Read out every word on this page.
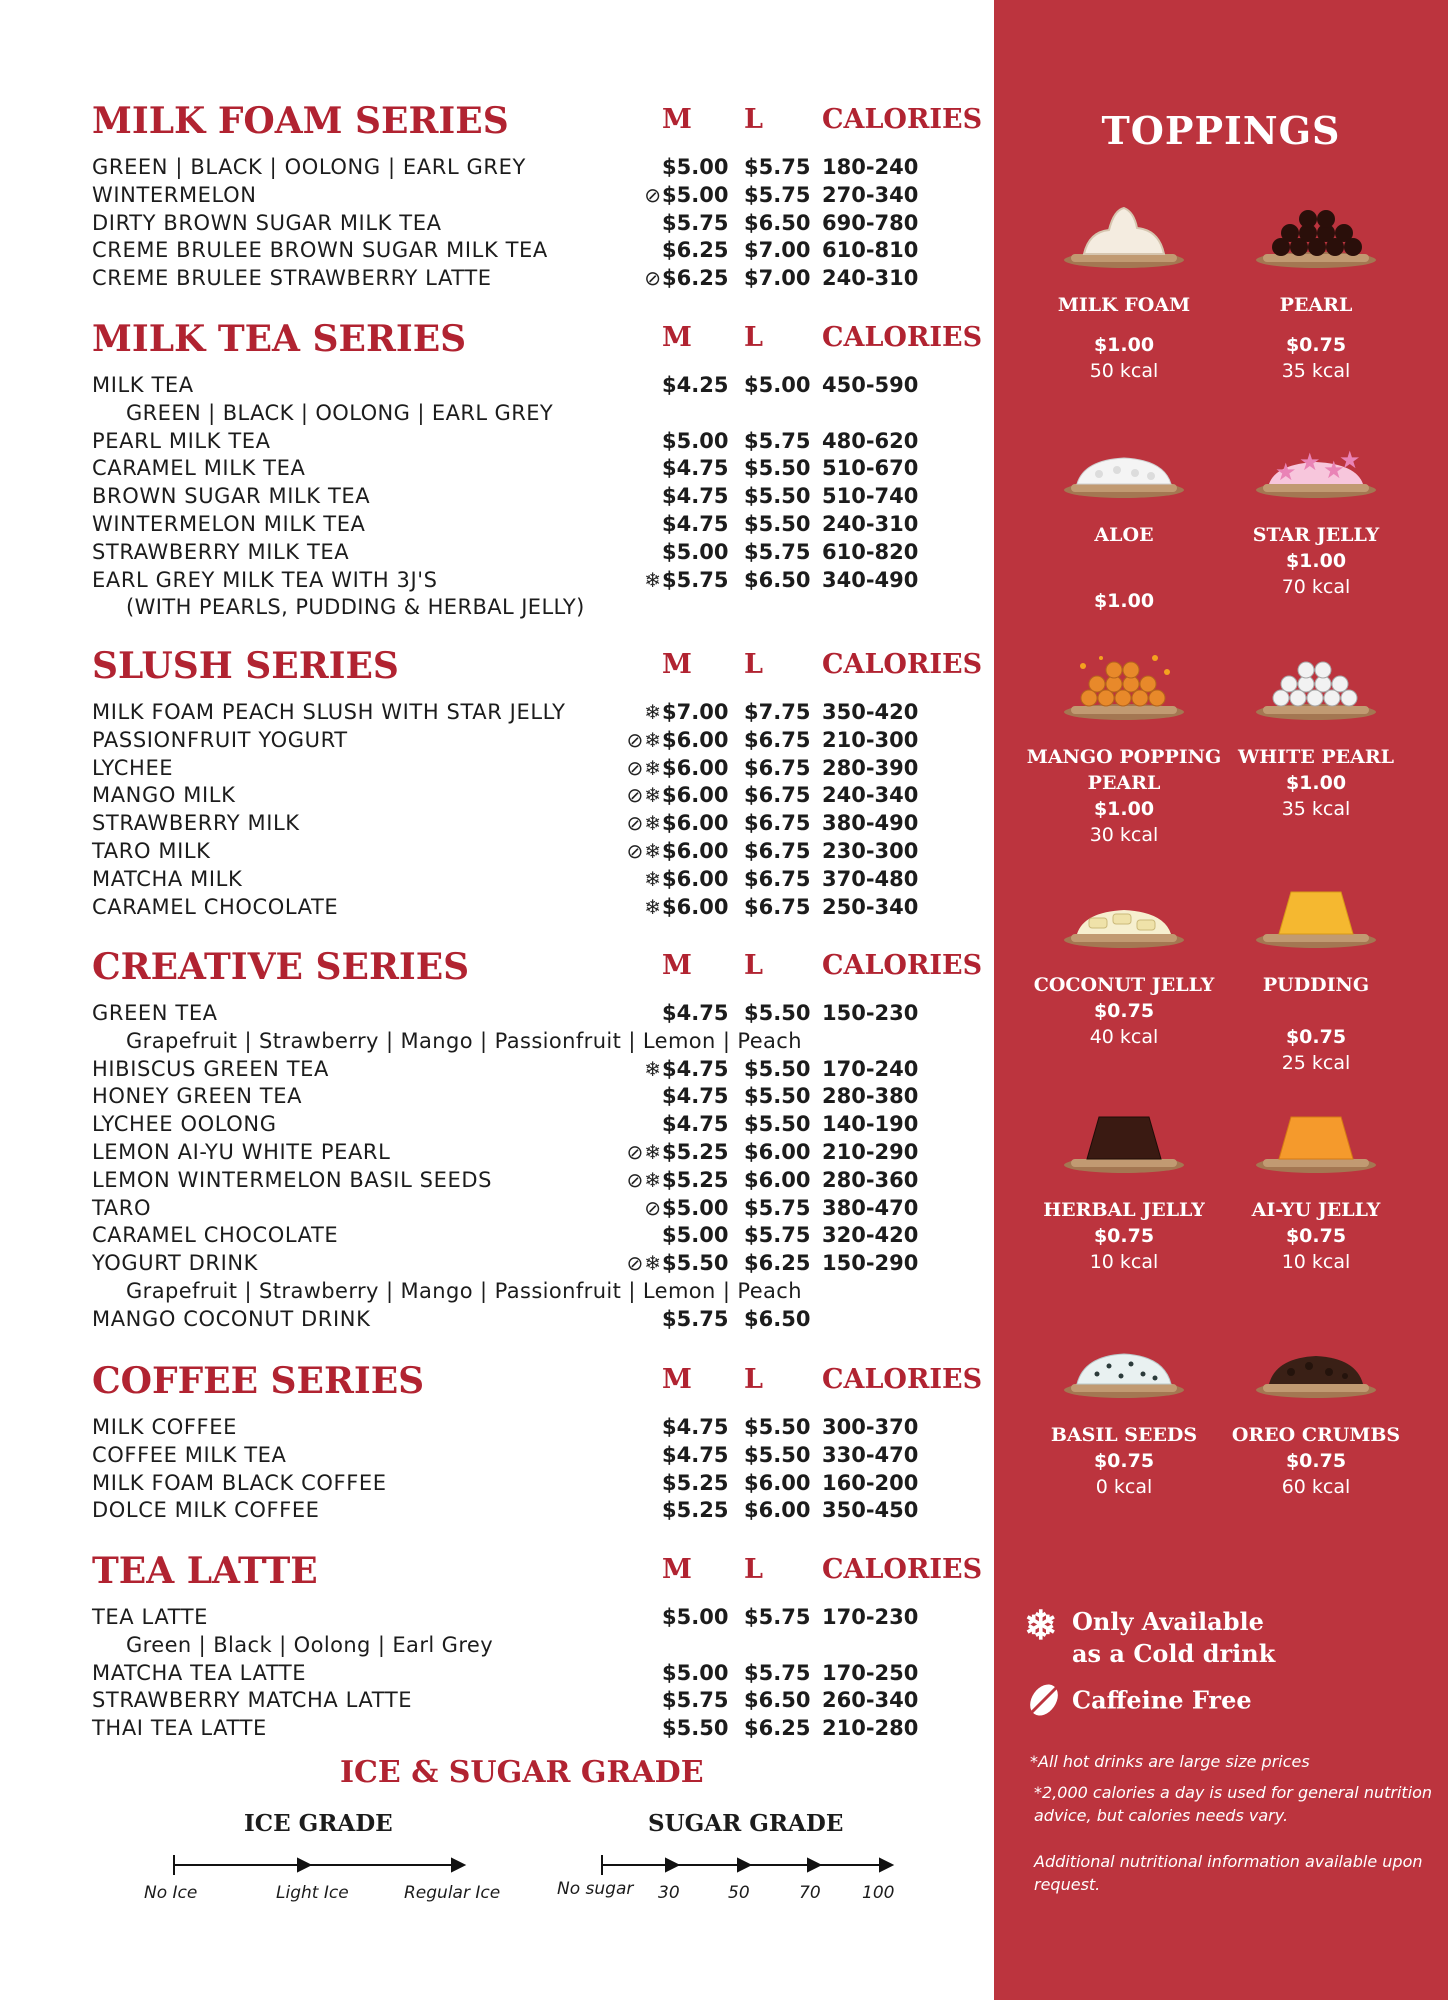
MILK FOAM SERIES	M L CALORIES
GREEN | BLACK | OOLONG | EARL GREY	$5.00 $5.75 180-240
WINTERMELON	⊘ $5.00 $5.75 270-340
DIRTY BROWN SUGAR MILK TEA	$5.75 $6.50 690-780
CREME BRULEE BROWN SUGAR MILK TEA	$6.25 $7.00 610-810
CREME BRULEE STRAWBERRY LATTE	⊘ $6.25 $7.00 240-310
MILK TEA SERIES	M L CALORIES
MILK TEA	$4.25 $5.00 450-590
GREEN | BLACK | OOLONG | EARL GREY
PEARL MILK TEA	$5.00 $5.75 480-620
CARAMEL MILK TEA	$4.75 $5.50 510-670
BROWN SUGAR MILK TEA	$4.75 $5.50 510-740
WINTERMELON MILK TEA	$4.75 $5.50 240-310
STRAWBERRY MILK TEA	$5.00 $5.75 610-820
EARL GREY MILK TEA WITH 3J'S	❄ $5.75 $6.50 340-490
(WITH PEARLS, PUDDING & HERBAL JELLY)
SLUSH SERIES	M L CALORIES
MILK FOAM PEACH SLUSH WITH STAR JELLY	❄ $7.00 $7.75 350-420
PASSIONFRUIT YOGURT	⊘❄ $6.00 $6.75 210-300
LYCHEE	⊘❄ $6.00 $6.75 280-390
MANGO MILK	⊘❄ $6.00 $6.75 240-340
STRAWBERRY MILK	⊘❄ $6.00 $6.75 380-490
TARO MILK	⊘❄ $6.00 $6.75 230-300
MATCHA MILK	❄ $6.00 $6.75 370-480
CARAMEL CHOCOLATE	❄ $6.00 $6.75 250-340
CREATIVE SERIES	M L CALORIES
GREEN TEA	$4.75 $5.50 150-230
Grapefruit | Strawberry | Mango | Passionfruit | Lemon | Peach
HIBISCUS GREEN TEA	❄ $4.75 $5.50 170-240
HONEY GREEN TEA	$4.75 $5.50 280-380
LYCHEE OOLONG	$4.75 $5.50 140-190
LEMON AI-YU WHITE PEARL	⊘❄ $5.25 $6.00 210-290
LEMON WINTERMELON BASIL SEEDS	⊘❄ $5.25 $6.00 280-360
TARO	⊘ $5.00 $5.75 380-470
CARAMEL CHOCOLATE	$5.00 $5.75 320-420
YOGURT DRINK	⊘❄ $5.50 $6.25 150-290
Grapefruit | Strawberry | Mango | Passionfruit | Lemon | Peach
MANGO COCONUT DRINK	$5.75 $6.50
COFFEE SERIES	M L CALORIES
MILK COFFEE	$4.75 $5.50 300-370
COFFEE MILK TEA	$4.75 $5.50 330-470
MILK FOAM BLACK COFFEE	$5.25 $6.00 160-200
DOLCE MILK COFFEE	$5.25 $6.00 350-450
TEA LATTE	M L CALORIES
TEA LATTE	$5.00 $5.75 170-230
Green | Black | Oolong | Earl Grey
MATCHA TEA LATTE	$5.00 $5.75 170-250
STRAWBERRY MATCHA LATTE	$5.75 $6.50 260-340
THAI TEA LATTE	$5.50 $6.25 210-280
ICE & SUGAR GRADE
ICE GRADE	SUGAR GRADE
No Ice	Light Ice	Regular Ice	No sugar 30	50	70 100
TOPPINGS
MILK FOAM
$1.00
50 kcal
PEARL
$0.75
35 kcal
ALOE
$1.00
★ ★ ★
★
STAR JELLY
$1.00
70 kcal
MANGO POPPING PEARL
$1.00
30 kcal
WHITE PEARL
$1.00
35 kcal
COCONUT JELLY
$0.75
40 kcal
PUDDING
$0.75
25 kcal
HERBAL JELLY
$0.75
10 kcal
AI-YU JELLY
$0.75
10 kcal
BASIL SEEDS
$0.75
0 kcal
OREO CRUMBS
$0.75
60 kcal
❄ Only Available
as a Cold drink
Caffeine Free
*All hot drinks are large size prices
*2,000 calories a day is used for general nutrition advice, but calories needs vary.
Additional nutritional information available upon request.
